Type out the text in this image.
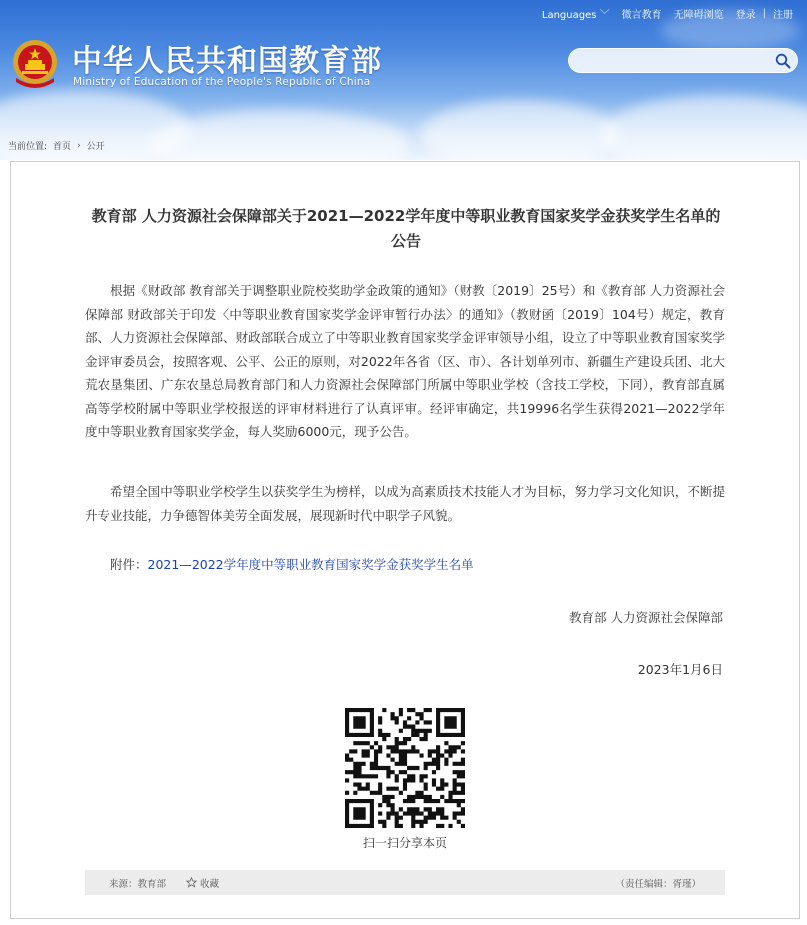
Languages ﹀	微言教育	无障碍浏览	登录 | 注册
中华人民共和国教育部
Ministry of Education of the People's Republic of China
当前位置: 首页 › 公开
教育部 人力资源社会保障部关于2021—2022学年度中等职业教育国家奖学金获奖学生名单的公告
根据《财政部 教育部关于调整职业院校奖助学金政策的通知》（财教〔2019〕25号）和《教育部 人力资源社会保障部 财政部关于印发〈中等职业教育国家奖学金评审暂行办法〉的通知》（教财函〔2019〕104号）规定，教育部、人力资源社会保障部、财政部联合成立了中等职业教育国家奖学金评审领导小组，设立了中等职业教育国家奖学金评审委员会，按照客观、公平、公正的原则，对2022年各省（区、市）、各计划单列市、新疆生产建设兵团、北大荒农垦集团、广东农垦总局教育部门和人力资源社会保障部门所属中等职业学校（含技工学校，下同），教育部直属高等学校附属中等职业学校报送的评审材料进行了认真评审。经评审确定，共19996名学生获得2021—2022学年度中等职业教育国家奖学金，每人奖励6000元，现予公告。
希望全国中等职业学校学生以获奖学生为榜样，以成为高素质技术技能人才为目标，努力学习文化知识，不断提升专业技能，力争德智体美劳全面发展，展现新时代中职学子风貌。
附件：2021—2022学年度中等职业教育国家奖学金获奖学生名单
教育部 人力资源社会保障部
2023年1月6日
扫一扫分享本页
来源：教育部	收藏	（责任编辑：胥瑾）
